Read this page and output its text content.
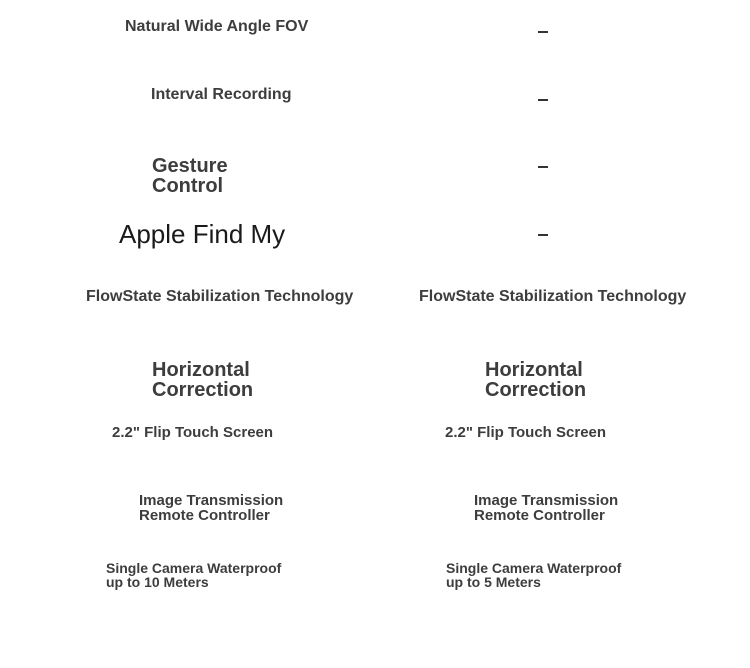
Natural Wide Angle FOV
Interval Recording
Gesture
Control
Apple Find My
FlowState Stabilization Technology	FlowState Stabilization Technology
Horizontal
Correction
Horizontal
Correction
2.2" Flip Touch Screen	2.2" Flip Touch Screen
Image Transmission
Remote Controller
Image Transmission
Remote Controller
Single Camera Waterproof
up to 10 Meters
Single Camera Waterproof
up to 5 Meters
